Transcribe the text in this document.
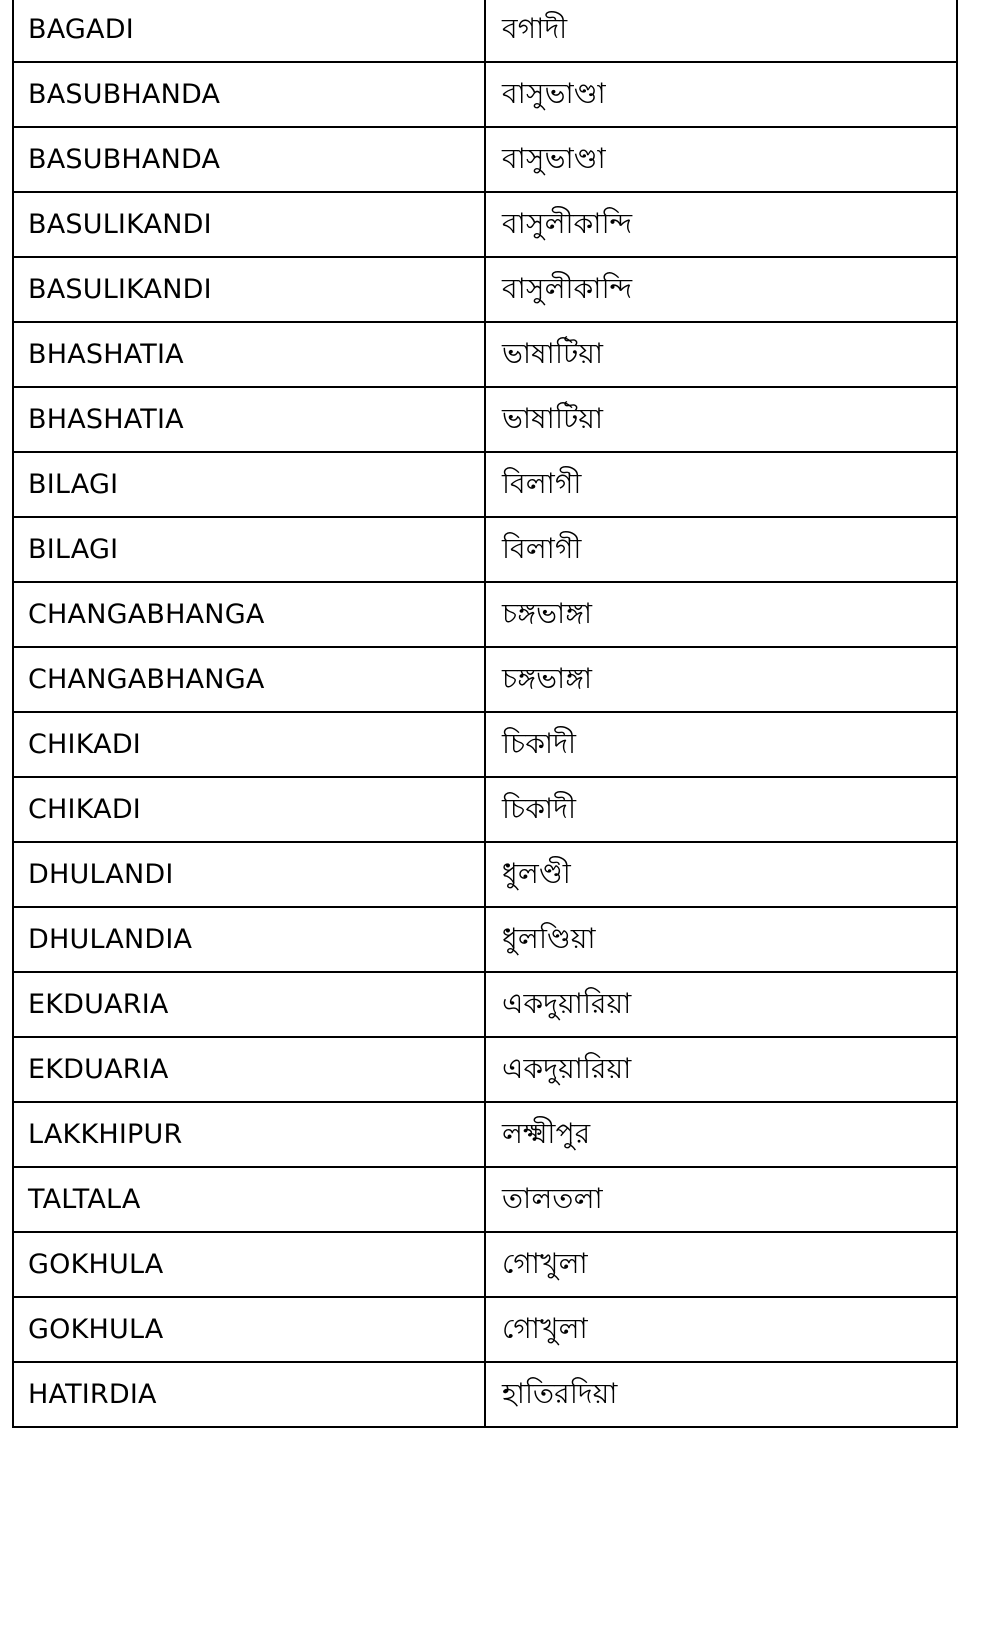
BAGADI	বগাদী
BASUBHANDA	বাসুভাণ্ডা
BASUBHANDA	বাসুভাণ্ডা
BASULIKANDI	বাসুলীকান্দি
BASULIKANDI	বাসুলীকান্দি
BHASHATIA	ভাষাটিয়া
BHASHATIA	ভাষাটিয়া
BILAGI	বিলাগী
BILAGI	বিলাগী
CHANGABHANGA	চঙ্গভাঙ্গা
CHANGABHANGA	চঙ্গভাঙ্গা
CHIKADI	চিকাদী
CHIKADI	চিকাদী
DHULANDI	ধুলণ্ডী
DHULANDIA	ধুলণ্ডিয়া
EKDUARIA	একদুয়ারিয়া
EKDUARIA	একদুয়ারিয়া
LAKKHIPUR	লক্ষ্মীপুর
TALTALA	তালতলা
GOKHULA	গোখুলা
GOKHULA	গোখুলা
HATIRDIA	হাতিরদিয়া
